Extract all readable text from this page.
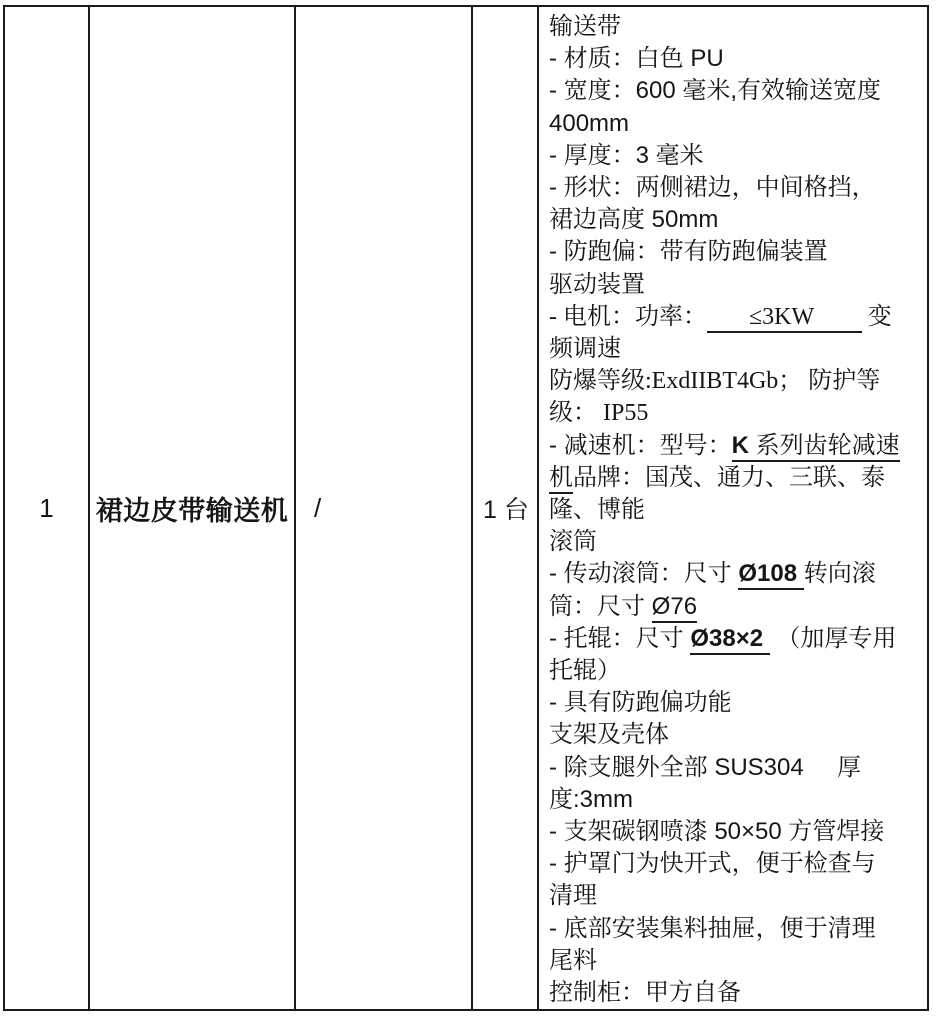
1 裙边皮带输送机 /	1 台
输送带
- 材质：白色 PU
- 宽度：600 毫米,有效输送宽度
400mm
- 厚度：3 毫米
- 形状：两侧裙边，中间格挡，
裙边高度 50mm
- 防跑偏：带有防跑偏装置
驱动装置
- 电机：功率：       ≤3KW         变
频调速
防爆等级:ExdIIBT4Gb； 防护等
级： IP55
- 减速机：型号：K 系列齿轮减速
机品牌：国茂、通力、三联、泰
隆、博能
滚筒
- 传动滚筒：尺寸 Ø108 转向滚
筒：尺寸 Ø76
- 托辊：尺寸 Ø38×2  （加厚专用
托辊）
- 具有防跑偏功能
支架及壳体
- 除支腿外全部 SUS304     厚
度:3mm
- 支架碳钢喷漆 50×50 方管焊接
- 护罩门为快开式，便于检查与
清理
- 底部安装集料抽屉，便于清理
尾料
控制柜：甲方自备
